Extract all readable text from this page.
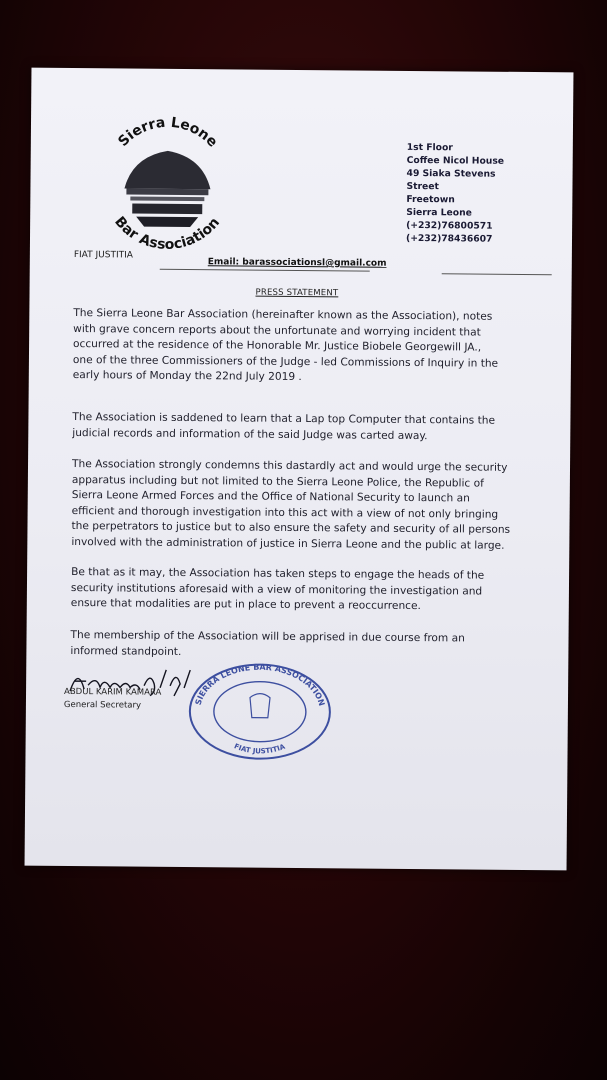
Sierra Leone
Bar Association
1st Floor
Coffee Nicol House
49 Siaka Stevens
Street
Freetown
Sierra Leone
(+232)76800571
(+232)78436607
FIAT JUSTITIA
Email: barassociationsl@gmail.com
PRESS STATEMENT
The Sierra Leone Bar Association (hereinafter known as the Association), notes
with grave concern reports about the unfortunate and worrying incident that
occurred at the residence of the Honorable Mr. Justice Biobele Georgewill JA.,
one of the three Commissioners of the Judge - led Commissions of Inquiry in the
early hours of Monday the 22nd July 2019 .
The Association is saddened to learn that a Lap top Computer that contains the
judicial records and information of the said Judge was carted away.
The Association strongly condemns this dastardly act and would urge the security
apparatus including but not limited to the Sierra Leone Police, the Republic of
Sierra Leone Armed Forces and the Office of National Security to launch an
efficient and thorough investigation into this act with a view of not only bringing
the perpetrators to justice but to also ensure the safety and security of all persons
involved with the administration of justice in Sierra Leone and the public at large.
Be that as it may, the Association has taken steps to engage the heads of the
security institutions aforesaid with a view of monitoring the investigation and
ensure that modalities are put in place to prevent a reoccurrence.
The membership of the Association will be apprised in due course from an
informed standpoint.
ABDUL KARIM KAMARA
General Secretary	SIERRA LEONE BAR ASSOCIATION
FIAT JUSTITIA
